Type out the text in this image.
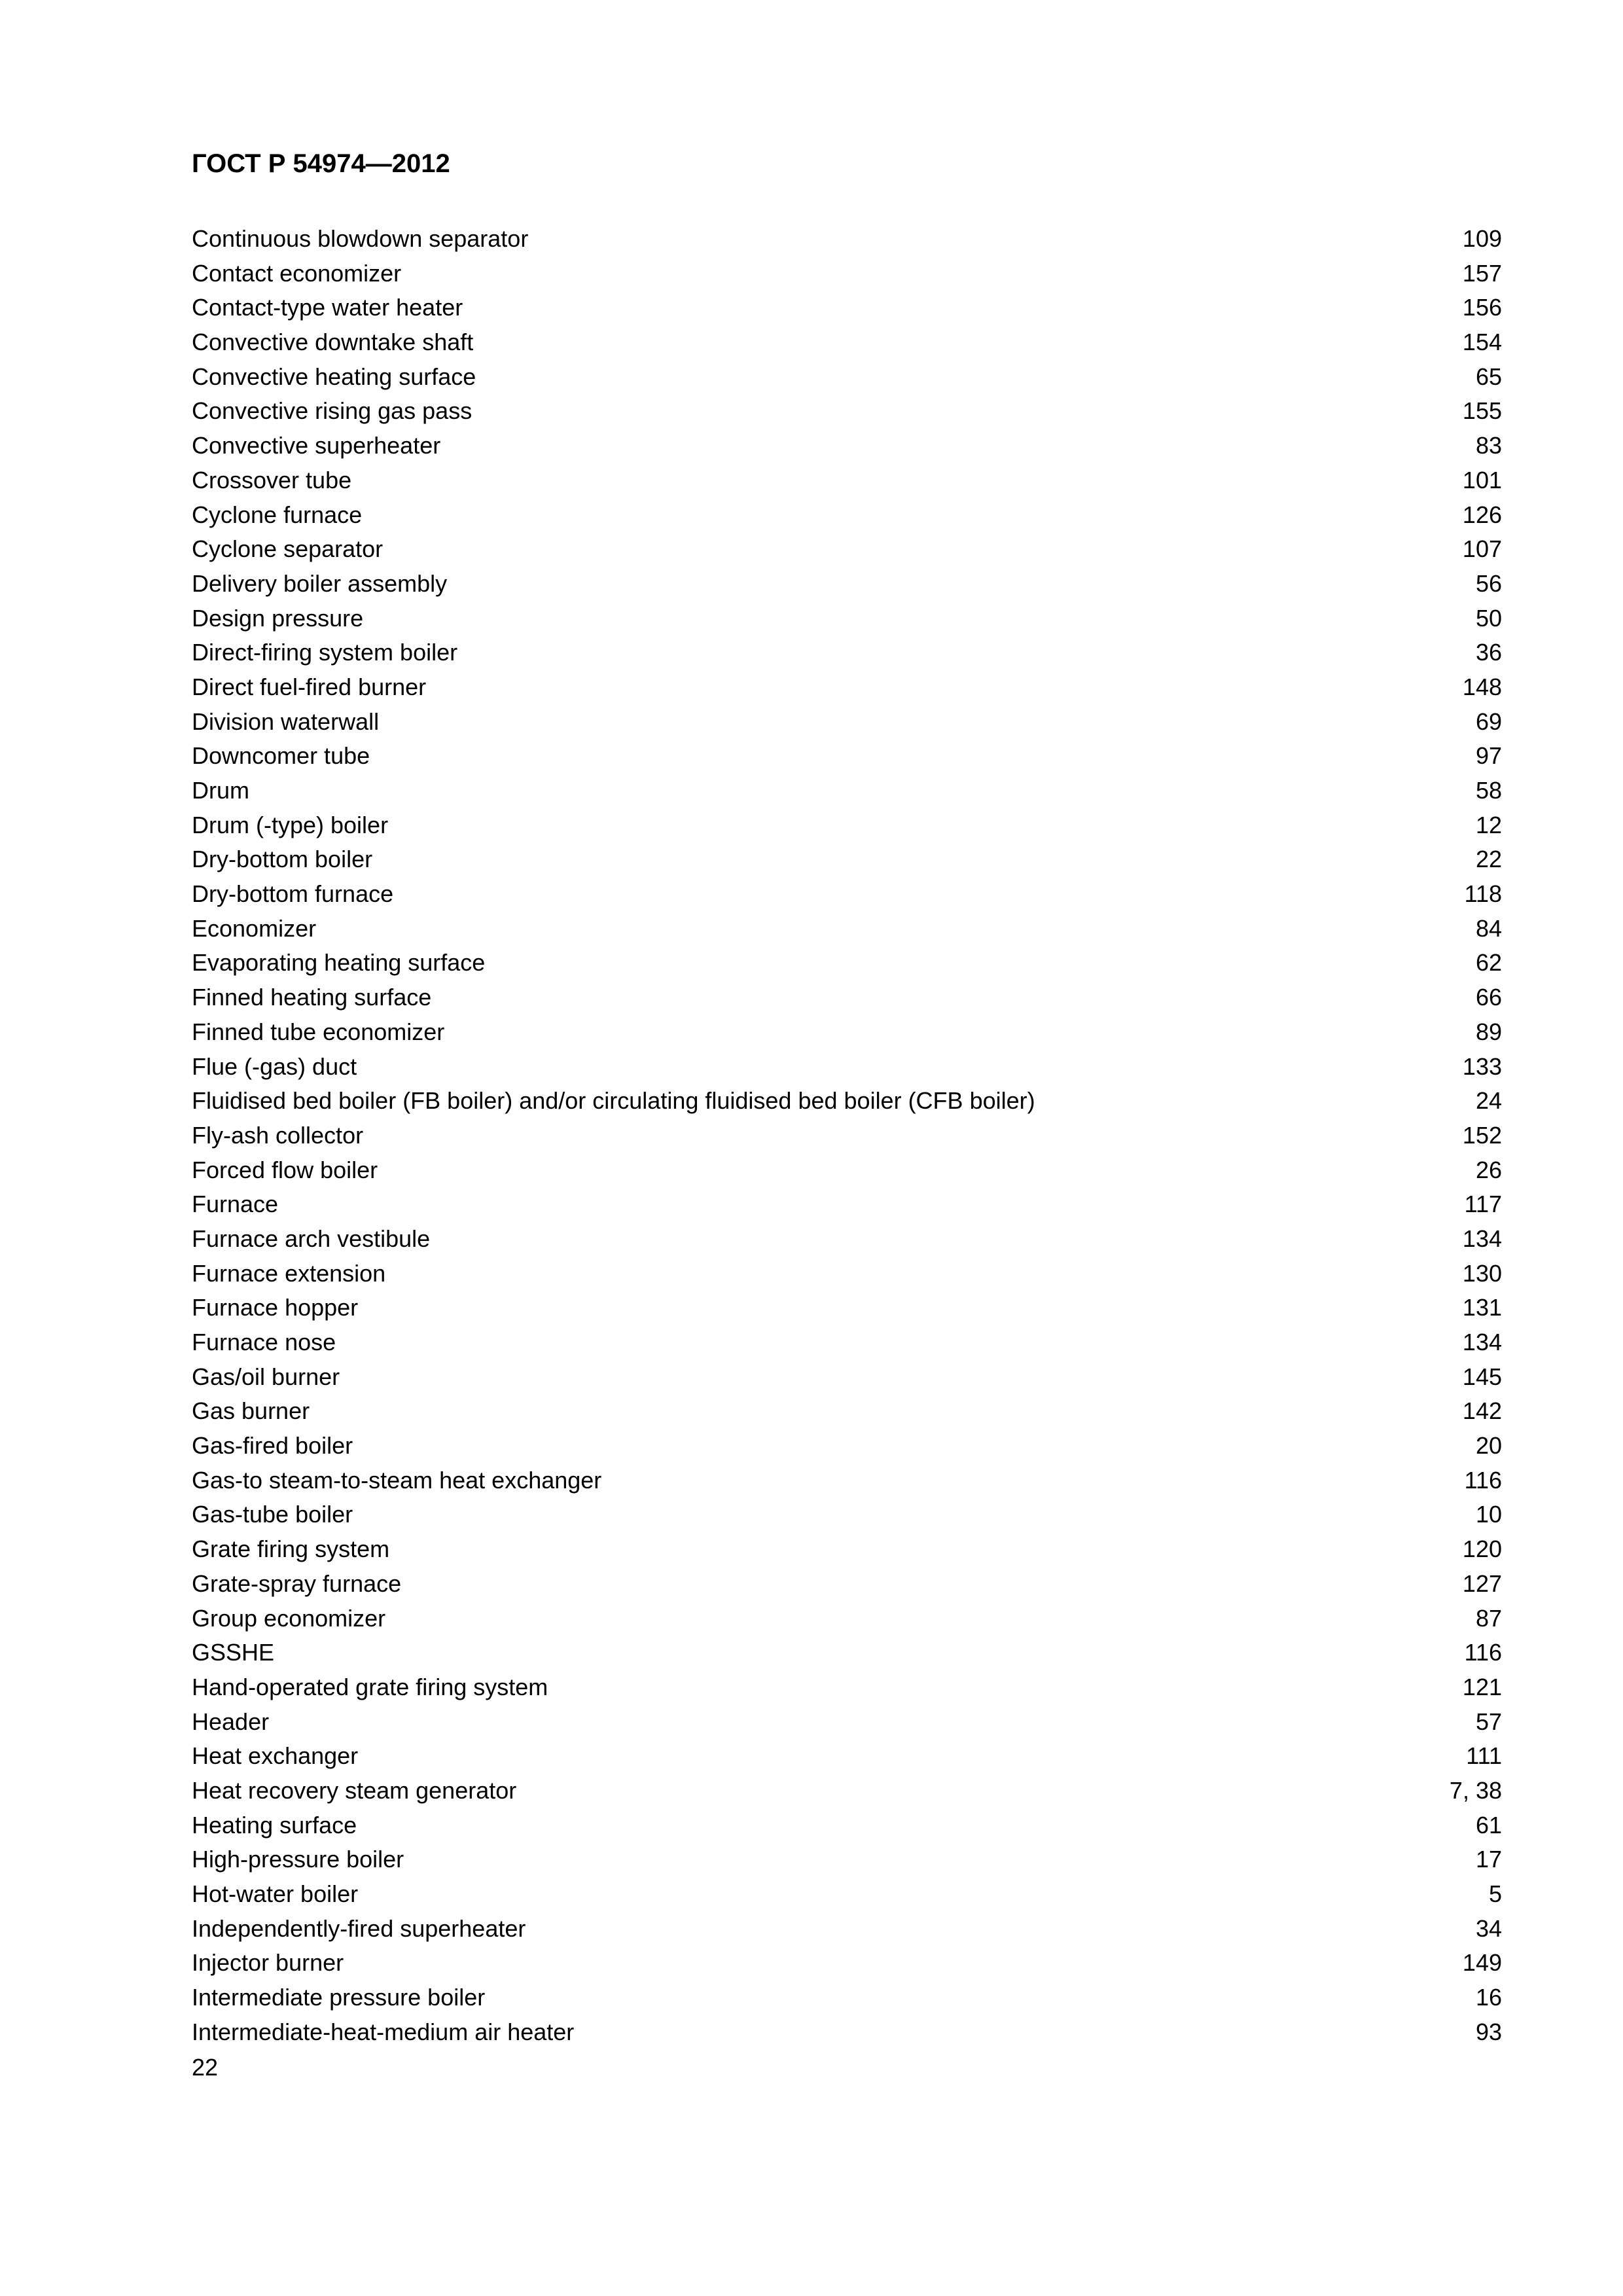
ГОСТ Р 54974—2012
Continuous blowdown separator	109
Contact economizer	157
Contact-type water heater	156
Convective downtake shaft	154
Convective heating surface	65
Convective rising gas pass	155
Convective superheater	83
Crossover tube	101
Cyclone furnace	126
Cyclone separator	107
Delivery boiler assembly	56
Design pressure	50
Direct-firing system boiler	36
Direct fuel-fired burner	148
Division waterwall	69
Downcomer tube	97
Drum	58
Drum (-type) boiler	12
Dry-bottom boiler	22
Dry-bottom furnace	118
Economizer	84
Evaporating heating surface	62
Finned heating surface	66
Finned tube economizer	89
Flue (-gas) duct	133
Fluidised bed boiler (FB boiler) and/or circulating fluidised bed boiler (CFB boiler)	24
Fly-ash collector	152
Forced flow boiler	26
Furnace	117
Furnace arch vestibule	134
Furnace extension	130
Furnace hopper	131
Furnace nose	134
Gas/oil burner	145
Gas burner	142
Gas-fired boiler	20
Gas-to steam-to-steam heat exchanger	116
Gas-tube boiler	10
Grate firing system	120
Grate-spray furnace	127
Group economizer	87
GSSHE	116
Hand-operated grate firing system	121
Header	57
Heat exchanger	111
Heat recovery steam generator	7, 38
Heating surface	61
High-pressure boiler	17
Hot-water boiler	5
Independently-fired superheater	34
Injector burner	149
Intermediate pressure boiler	16
Intermediate-heat-medium air heater	93
22
